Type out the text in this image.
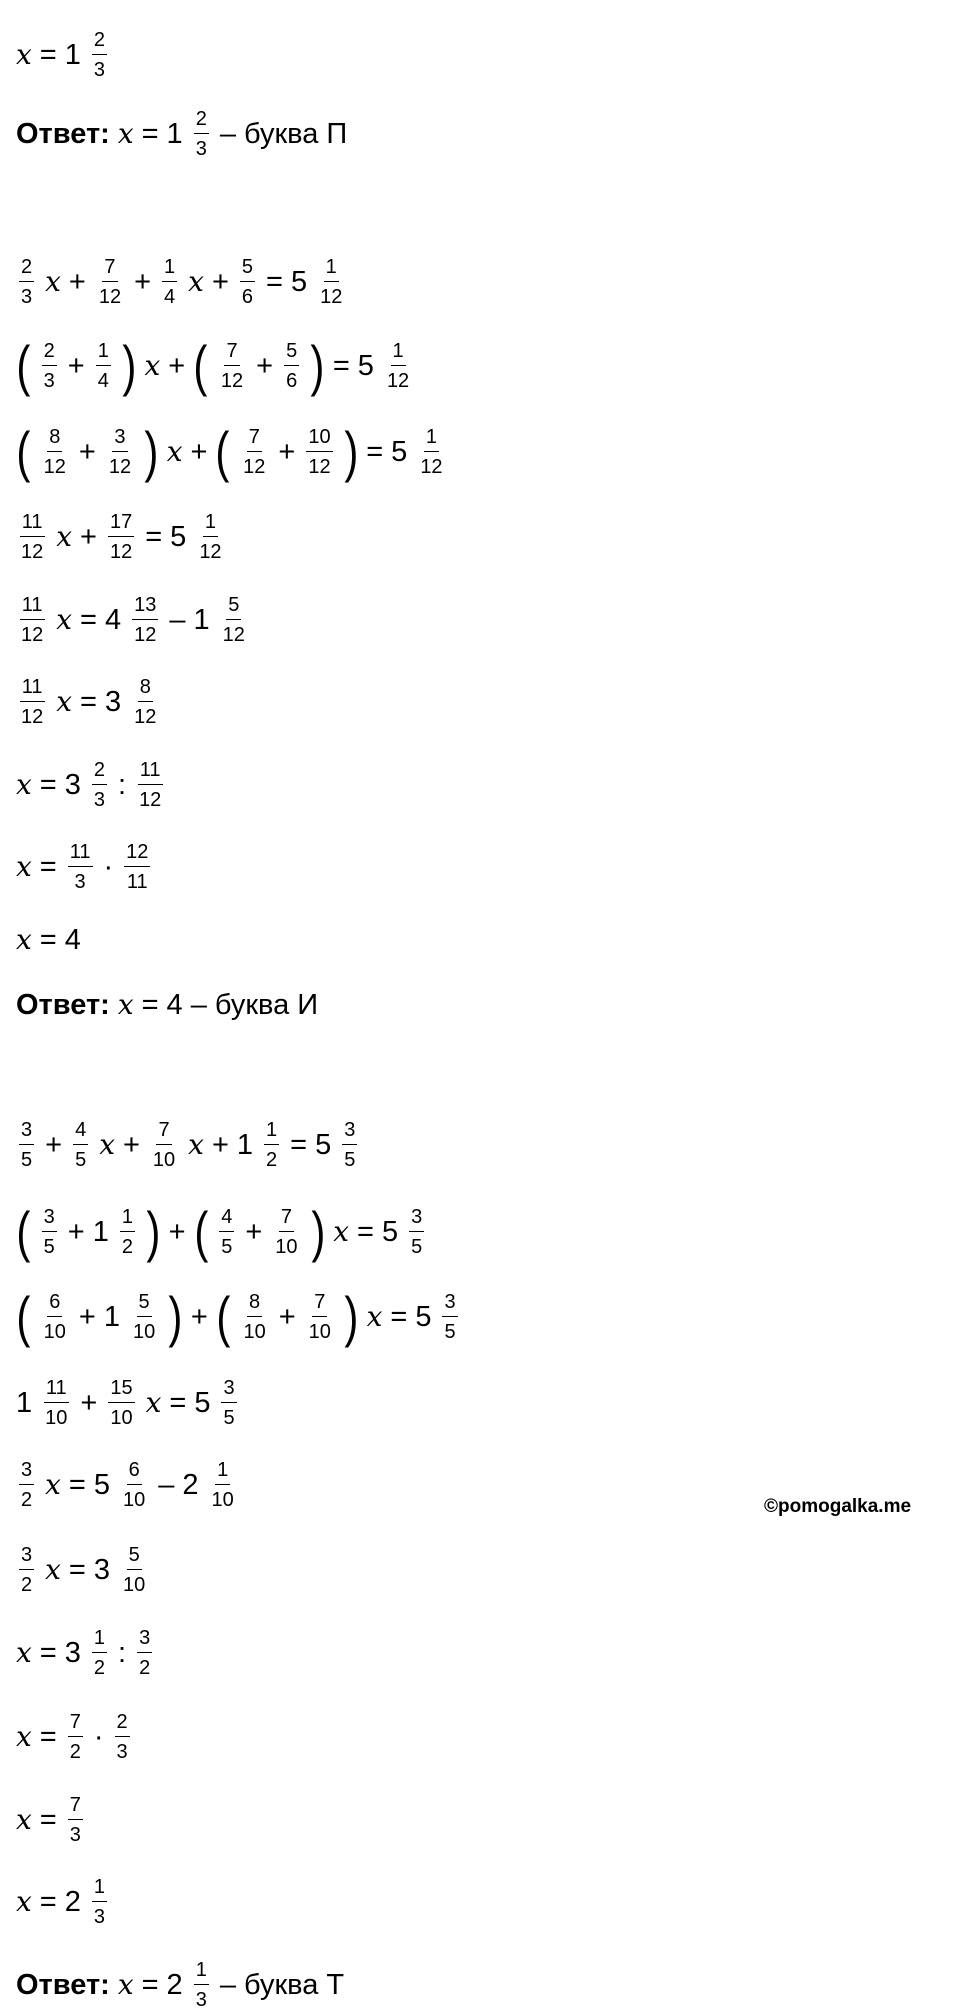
©pomogalka.me
$x = 1 \frac{2}{3}$
Ответ: $x = 1 \frac{2}{3}$ – буква П
$\frac{2}{3}$ $x + \frac{7}{12} + \frac{1}{4}$ $x + \frac{5}{6} = 5 \frac{1}{12}$
( $\frac{2}{3} + \frac{1}{4}$ ) x + ( $\frac{7}{12} + \frac{5}{6}$ ) = $5 \frac{1}{12}$
( $\frac{8}{12} + \frac{3}{12}$ ) x + ( $\frac{7}{12} + \frac{10}{12}$ ) = $5 \frac{1}{12}$
$\frac{11}{12}$ $x + \frac{17}{12} = 5 \frac{1}{12}$
$\frac{11}{12}$ $x = 4 \frac{13}{12} - 1 \frac{5}{12}$
$\frac{11}{12}$ $x = 3 \frac{8}{12}$
$x = 3 \frac{2}{3}$ : $\frac{11}{12}$
$x = \frac{11}{3} \cdot \frac{12}{11}$
x = 4
Ответ: x = 4 – буква И
$\frac{3}{5} + \frac{4}{5}$ $x + \frac{7}{10}$ $x + 1 \frac{1}{2} = 5 \frac{3}{5}$
( $\frac{3}{5} + 1 \frac{1}{2}$ ) + ( $\frac{4}{5} + \frac{7}{10}$ ) $x = 5 \frac{3}{5}$
( $\frac{6}{10} + 1 \frac{5}{10}$ ) + ( $\frac{8}{10} + \frac{7}{10}$ ) $x = 5 \frac{3}{5}$
$1 \frac{11}{10} + \frac{15}{10}$ $x = 5 \frac{3}{5}$
$\frac{3}{2}$ $x = 5 \frac{6}{10} - 2 \frac{1}{10}$
$\frac{3}{2}$ $x = 3 \frac{5}{10}$
$x = 3 \frac{1}{2}$ : $\frac{3}{2}$
$x = \frac{7}{2} \cdot \frac{2}{3}$
$x = \frac{7}{3}$
$x = 2 \frac{1}{3}$
Ответ: $x = 2 \frac{1}{3}$ – буква Т
